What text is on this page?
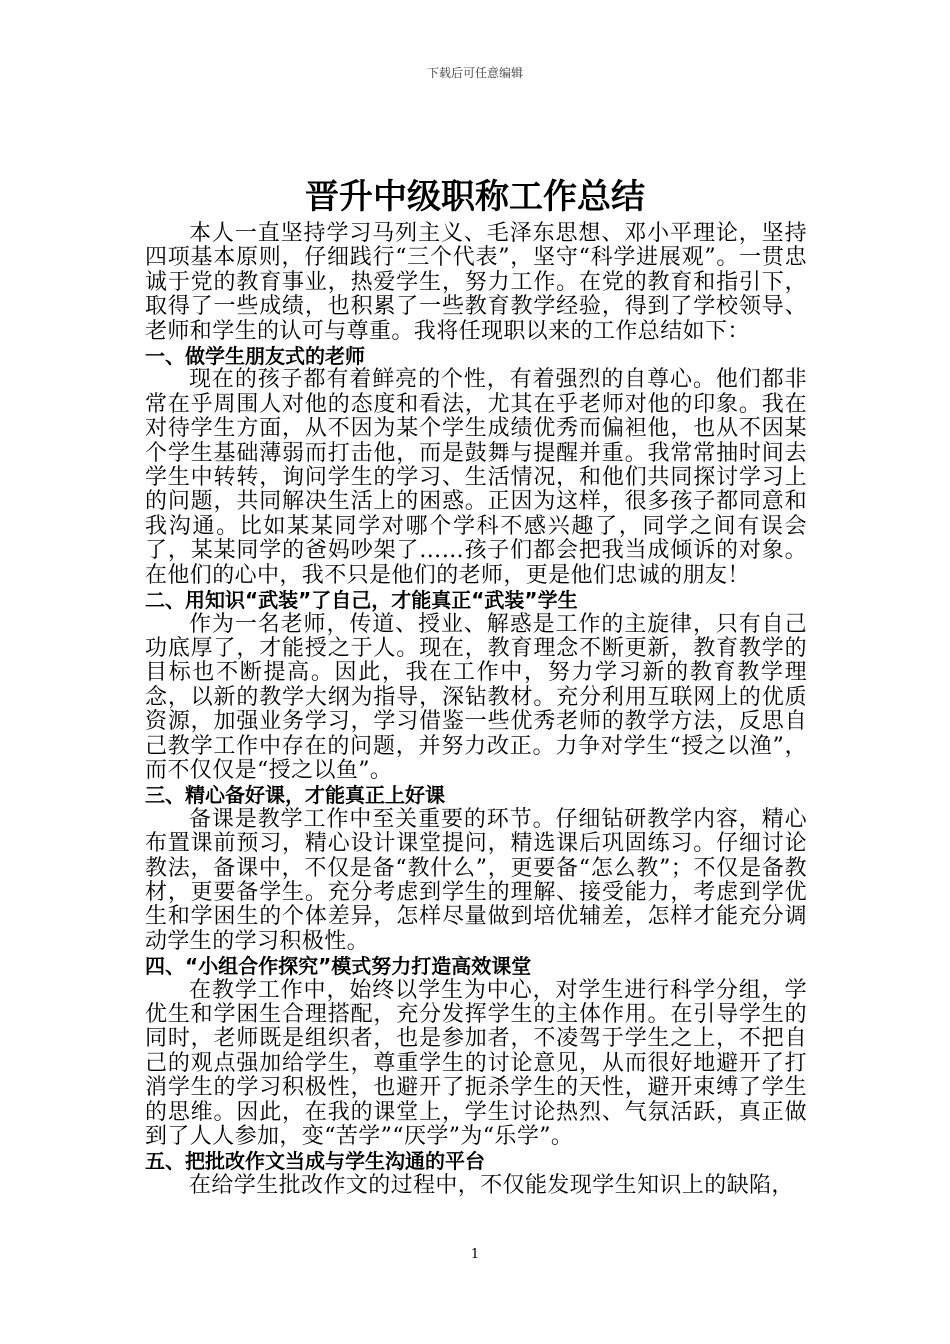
下载后可任意编辑
晋升中级职称工作总结

本人一直坚持学习马列主义、毛泽东思想、邓小平理论，坚持四项基本原则，仔细践行“三个代表”，坚守“科学进展观”。一贯忠诚于党的教育事业，热爱学生，努力工作。在党的教育和指引下，取得了一些成绩，也积累了一些教育教学经验，得到了学校领导、老师和学生的认可与尊重。我将任现职以来的工作总结如下：

一、做学生朋友式的老师

现在的孩子都有着鲜亮的个性，有着强烈的自尊心。他们都非常在乎周围人对他的态度和看法，尤其在乎老师对他的印象。我在对待学生方面，从不因为某个学生成绩优秀而偏袒他，也从不因某个学生基础薄弱而打击他，而是鼓舞与提醒并重。我常常抽时间去学生中转转，询问学生的学习、生活情况，和他们共同探讨学习上的问题，共同解决生活上的困惑。正因为这样，很多孩子都同意和我沟通。比如某某同学对哪个学科不感兴趣了，同学之间有误会了，某某同学的爸妈吵架了……孩子们都会把我当成倾诉的对象。在他们的心中，我不只是他们的老师，更是他们忠诚的朋友！

二、用知识“武装”了自己，才能真正“武装”学生

作为一名老师，传道、授业、解惑是工作的主旋律，只有自己功底厚了，才能授之于人。现在，教育理念不断更新，教育教学的目标也不断提高。因此，我在工作中，努力学习新的教育教学理念，以新的教学大纲为指导，深钻教材。充分利用互联网上的优质资源，加强业务学习，学习借鉴一些优秀老师的教学方法，反思自己教学工作中存在的问题，并努力改正。力争对学生“授之以渔”，而不仅仅是“授之以鱼”。

三、精心备好课，才能真正上好课

备课是教学工作中至关重要的环节。仔细钻研教学内容，精心布置课前预习，精心设计课堂提问，精选课后巩固练习。仔细讨论教法，备课中，不仅是备“教什么”，更要备“怎么教”；不仅是备教材，更要备学生。充分考虑到学生的理解、接受能力，考虑到学优生和学困生的个体差异，怎样尽量做到培优辅差，怎样才能充分调动学生的学习积极性。

四、“小组合作探究”模式努力打造高效课堂

在教学工作中，始终以学生为中心，对学生进行科学分组，学优生和学困生合理搭配，充分发挥学生的主体作用。在引导学生的同时，老师既是组织者，也是参加者，不凌驾于学生之上，不把自己的观点强加给学生，尊重学生的讨论意见，从而很好地避开了打消学生的学习积极性，也避开了扼杀学生的天性，避开束缚了学生的思维。因此，在我的课堂上，学生讨论热烈、气氛活跃，真正做到了人人参加，变“苦学”“厌学”为“乐学”。

五、把批改作文当成与学生沟通的平台

在给学生批改作文的过程中，不仅能发现学生知识上的缺陷，

1
